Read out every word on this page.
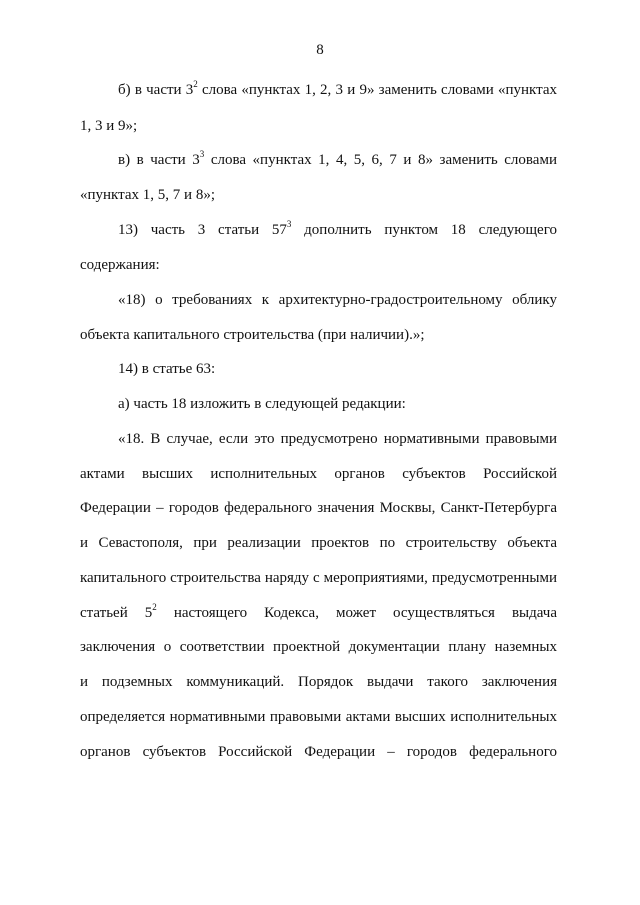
8
б) в части $3^2$ слова «пунктах 1, 2, 3 и 9» заменить словами «пунктах
1, 3 и 9»;
в) в части $3^3$ слова «пунктах 1, 4, 5, 6, 7 и 8» заменить словами
«пунктах 1, 5, 7 и 8»;
13) часть 3 статьи $57^3$ дополнить пунктом 18 следующего
содержания:
«18) о требованиях к архитектурно-градостроительному облику
объекта капитального строительства (при наличии).»;
14) в статье 63:
а) часть 18 изложить в следующей редакции:
«18. В случае, если это предусмотрено нормативными правовыми
актами высших исполнительных органов субъектов Российской
Федерации – городов федерального значения Москвы, Санкт-Петербурга
и Севастополя, при реализации проектов по строительству объекта
капитального строительства наряду с мероприятиями, предусмотренными
статьей $5^2$ настоящего Кодекса, может осуществляться выдача
заключения о соответствии проектной документации плану наземных
и подземных коммуникаций. Порядок выдачи такого заключения
определяется нормативными правовыми актами высших исполнительных
органов субъектов Российской Федерации – городов федерального
